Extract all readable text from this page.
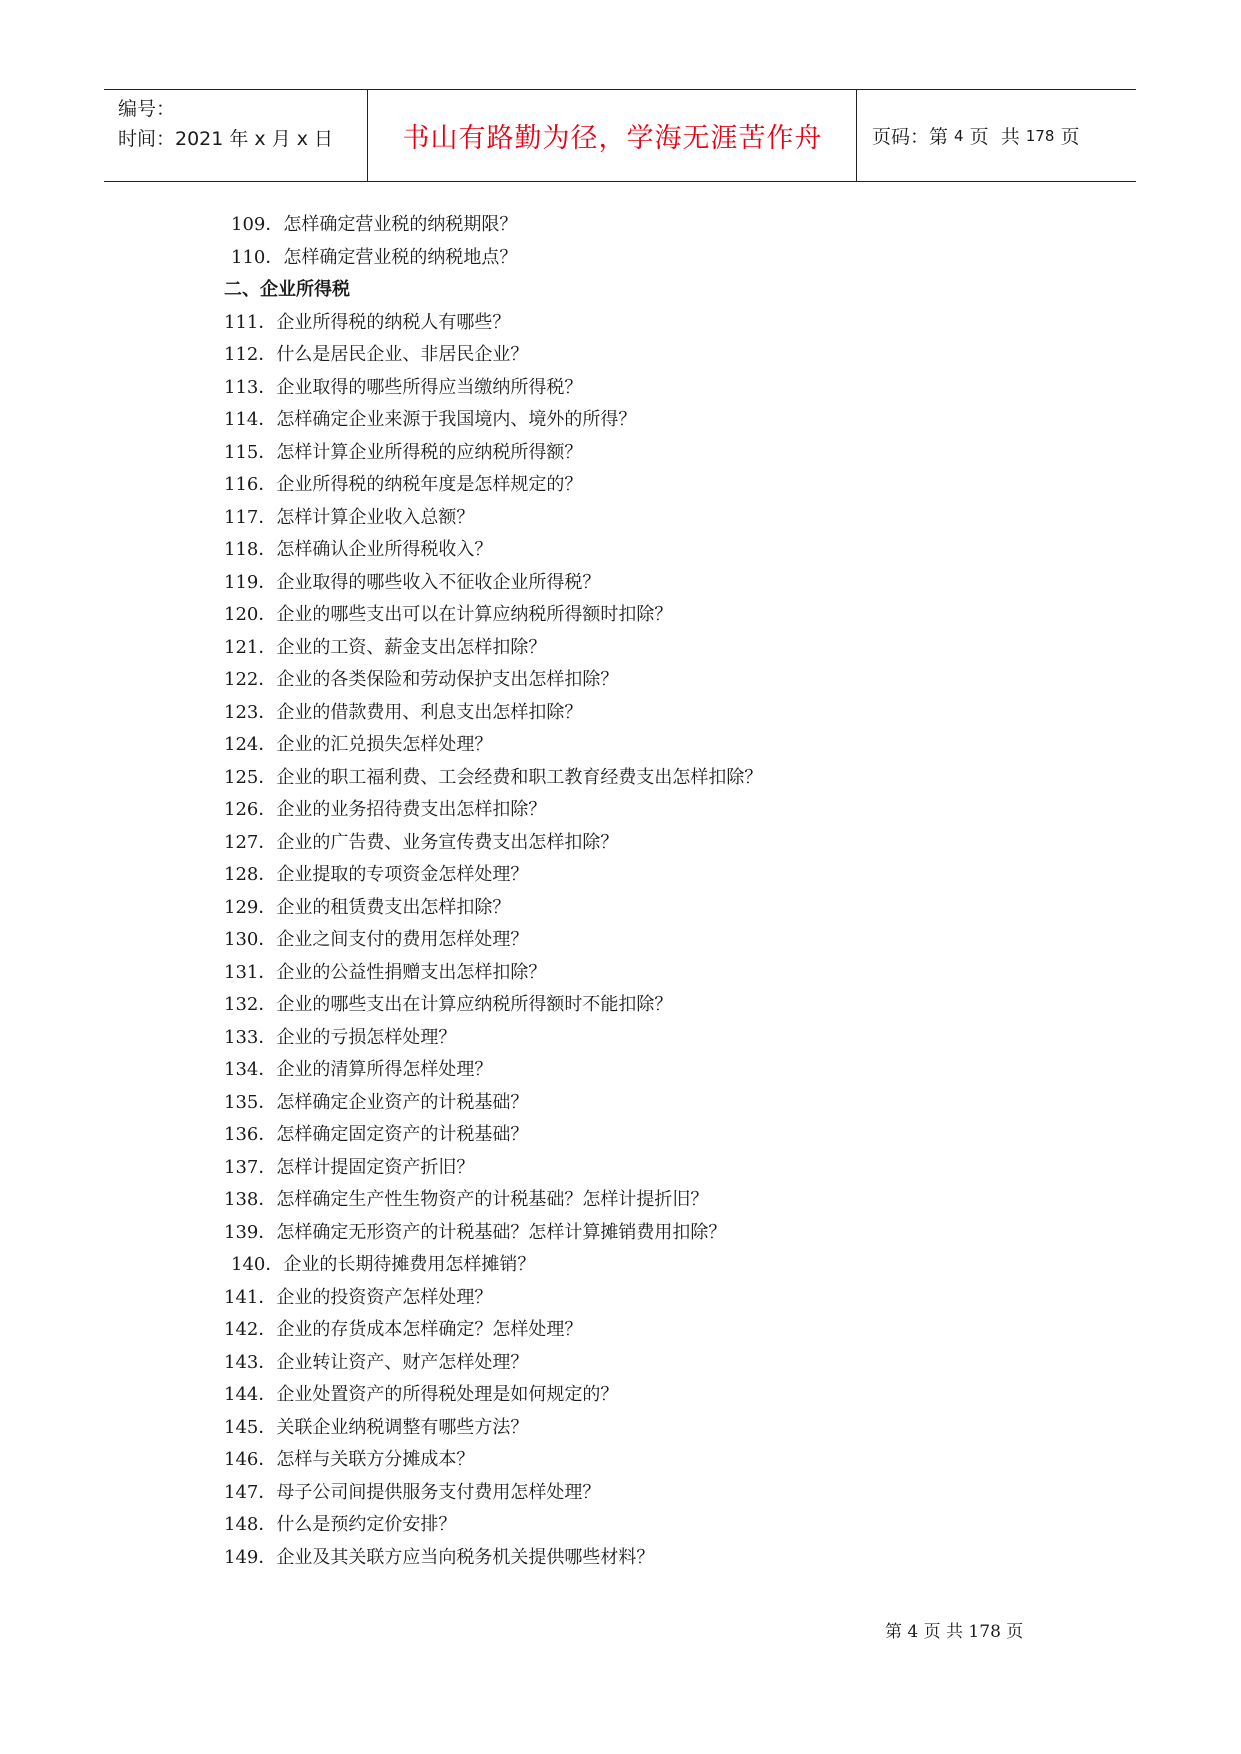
编号：
时间：2021 年 x 月 x 日	书山有路勤为径，学海无涯苦作舟	页码：第 4 页  共 178 页
109．怎样确定营业税的纳税期限？
110．怎样确定营业税的纳税地点？
二、企业所得税
111．企业所得税的纳税人有哪些？
112．什么是居民企业、非居民企业？
113．企业取得的哪些所得应当缴纳所得税？
114．怎样确定企业来源于我国境内、境外的所得？
115．怎样计算企业所得税的应纳税所得额？
116．企业所得税的纳税年度是怎样规定的？
117．怎样计算企业收入总额？
118．怎样确认企业所得税收入？
119．企业取得的哪些收入不征收企业所得税？
120．企业的哪些支出可以在计算应纳税所得额时扣除？
121．企业的工资、薪金支出怎样扣除？
122．企业的各类保险和劳动保护支出怎样扣除？
123．企业的借款费用、利息支出怎样扣除？
124．企业的汇兑损失怎样处理？
125．企业的职工福利费、工会经费和职工教育经费支出怎样扣除？
126．企业的业务招待费支出怎样扣除？
127．企业的广告费、业务宣传费支出怎样扣除？
128．企业提取的专项资金怎样处理？
129．企业的租赁费支出怎样扣除？
130．企业之间支付的费用怎样处理？
131．企业的公益性捐赠支出怎样扣除？
132．企业的哪些支出在计算应纳税所得额时不能扣除？
133．企业的亏损怎样处理？
134．企业的清算所得怎样处理？
135．怎样确定企业资产的计税基础？
136．怎样确定固定资产的计税基础？
137．怎样计提固定资产折旧？
138．怎样确定生产性生物资产的计税基础？怎样计提折旧？
139．怎样确定无形资产的计税基础？怎样计算摊销费用扣除？
140．企业的长期待摊费用怎样摊销？
141．企业的投资资产怎样处理？
142．企业的存货成本怎样确定？怎样处理？
143．企业转让资产、财产怎样处理？
144．企业处置资产的所得税处理是如何规定的？
145．关联企业纳税调整有哪些方法？
146．怎样与关联方分摊成本？
147．母子公司间提供服务支付费用怎样处理？
148．什么是预约定价安排？
149．企业及其关联方应当向税务机关提供哪些材料？
第 4 页 共 178 页
